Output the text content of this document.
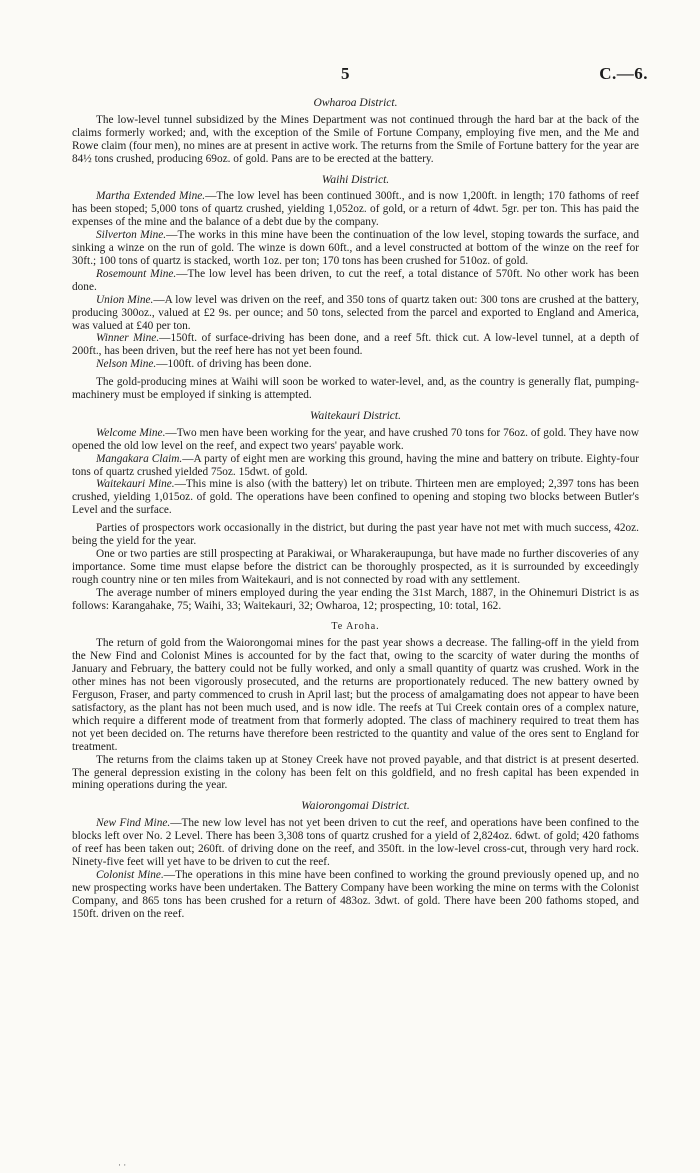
5	C.—6.
Owharoa District.

The low-level tunnel subsidized by the Mines Department was not continued through the hard bar at the back of the claims formerly worked; and, with the exception of the Smile of Fortune Company, employing five men, and the Me and Rowe claim (four men), no mines are at present in active work. The returns from the Smile of Fortune battery for the year are 84½ tons crushed, producing 69oz. of gold. Pans are to be erected at the battery.

Waihi District.

Martha Extended Mine.—The low level has been continued 300ft., and is now 1,200ft. in length; 170 fathoms of reef has been stoped; 5,000 tons of quartz crushed, yielding 1,052oz. of gold, or a return of 4dwt. 5gr. per ton. This has paid the expenses of the mine and the balance of a debt due by the company.

Silverton Mine.—The works in this mine have been the continuation of the low level, stoping towards the surface, and sinking a winze on the run of gold. The winze is down 60ft., and a level constructed at bottom of the winze on the reef for 30ft.; 100 tons of quartz is stacked, worth 1oz. per ton; 170 tons has been crushed for 510oz. of gold.

Rosemount Mine.—The low level has been driven, to cut the reef, a total distance of 570ft. No other work has been done.

Union Mine.—A low level was driven on the reef, and 350 tons of quartz taken out: 300 tons are crushed at the battery, producing 300oz., valued at £2 9s. per ounce; and 50 tons, selected from the parcel and exported to England and America, was valued at £40 per ton.

Winner Mine.—150ft. of surface-driving has been done, and a reef 5ft. thick cut. A low-level tunnel, at a depth of 200ft., has been driven, but the reef here has not yet been found.

Nelson Mine.—100ft. of driving has been done.

The gold-producing mines at Waihi will soon be worked to water-level, and, as the country is generally flat, pumping-machinery must be employed if sinking is attempted.

Waitekauri District.

Welcome Mine.—Two men have been working for the year, and have crushed 70 tons for 76oz. of gold. They have now opened the old low level on the reef, and expect two years' payable work.

Mangakara Claim.—A party of eight men are working this ground, having the mine and battery on tribute. Eighty-four tons of quartz crushed yielded 75oz. 15dwt. of gold.

Waitekauri Mine.—This mine is also (with the battery) let on tribute. Thirteen men are employed; 2,397 tons has been crushed, yielding 1,015oz. of gold. The operations have been confined to opening and stoping two blocks between Butler's Level and the surface.

Parties of prospectors work occasionally in the district, but during the past year have not met with much success, 42oz. being the yield for the year.

One or two parties are still prospecting at Parakiwai, or Wharakeraupunga, but have made no further discoveries of any importance. Some time must elapse before the district can be thoroughly prospected, as it is surrounded by exceedingly rough country nine or ten miles from Waitekauri, and is not connected by road with any settlement.

The average number of miners employed during the year ending the 31st March, 1887, in the Ohinemuri District is as follows: Karangahake, 75; Waihi, 33; Waitekauri, 32; Owharoa, 12; prospecting, 10: total, 162.

Te Aroha.

The return of gold from the Waiorongomai mines for the past year shows a decrease. The falling-off in the yield from the New Find and Colonist Mines is accounted for by the fact that, owing to the scarcity of water during the months of January and February, the battery could not be fully worked, and only a small quantity of quartz was crushed. Work in the other mines has not been vigorously prosecuted, and the returns are proportionately reduced. The new battery owned by Ferguson, Fraser, and party commenced to crush in April last; but the process of amalgamating does not appear to have been satisfactory, as the plant has not been much used, and is now idle. The reefs at Tui Creek contain ores of a complex nature, which require a different mode of treatment from that formerly adopted. The class of machinery required to treat them has not yet been decided on. The returns have therefore been restricted to the quantity and value of the ores sent to England for treatment.

The returns from the claims taken up at Stoney Creek have not proved payable, and that district is at present deserted. The general depression existing in the colony has been felt on this goldfield, and no fresh capital has been expended in mining operations during the year.

Waiorongomai District.

New Find Mine.—The new low level has not yet been driven to cut the reef, and operations have been confined to the blocks left over No. 2 Level. There has been 3,308 tons of quartz crushed for a yield of 2,824oz. 6dwt. of gold; 420 fathoms of reef has been taken out; 260ft. of driving done on the reef, and 350ft. in the low-level cross-cut, through very hard rock. Ninety-five feet will yet have to be driven to cut the reef.

Colonist Mine.—The operations in this mine have been confined to working the ground previously opened up, and no new prospecting works have been undertaken. The Battery Company have been working the mine on terms with the Colonist Company, and 865 tons has been crushed for a return of 483oz. 3dwt. of gold. There have been 200 fathoms stoped, and 150ft. driven on the reef.

· ·
